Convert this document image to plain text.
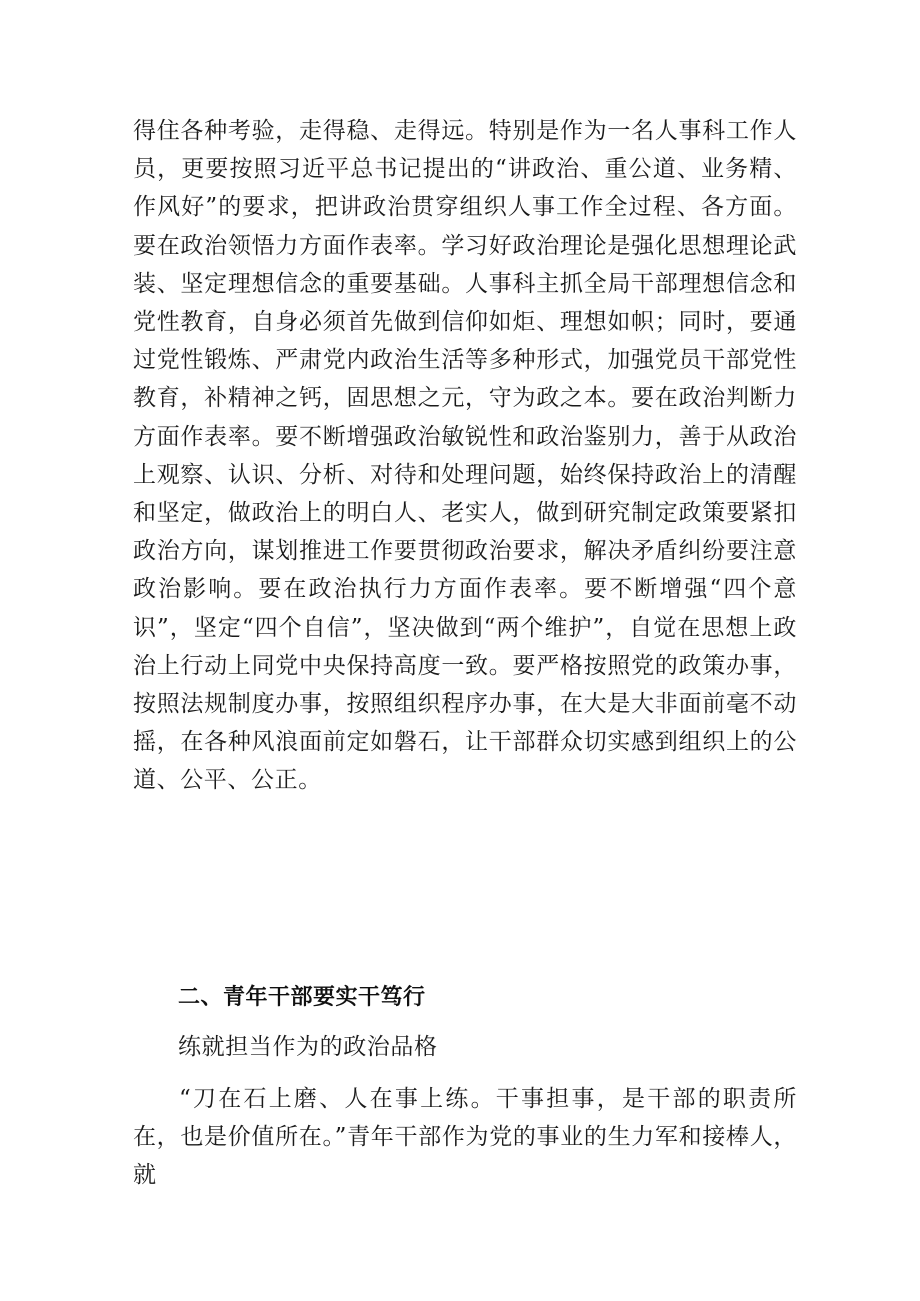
得住各种考验，走得稳、走得远。特别是作为一名人事科工作人员，更要按照习近平总书记提出的“讲政治、重公道、业务精、作风好”的要求，把讲政治贯穿组织人事工作全过程、各方面。要在政治领悟力方面作表率。学习好政治理论是强化思想理论武装、坚定理想信念的重要基础。人事科主抓全局干部理想信念和党性教育，自身必须首先做到信仰如炬、理想如帜；同时，要通过党性锻炼、严肃党内政治生活等多种形式，加强党员干部党性教育，补精神之钙，固思想之元，守为政之本。要在政治判断力方面作表率。要不断增强政治敏锐性和政治鉴别力，善于从政治上观察、认识、分析、对待和处理问题，始终保持政治上的清醒和坚定，做政治上的明白人、老实人，做到研究制定政策要紧扣政治方向，谋划推进工作要贯彻政治要求，解决矛盾纠纷要注意政治影响。要在政治执行力方面作表率。要不断增强“四个意识”，坚定“四个自信”，坚决做到“两个维护”，自觉在思想上政治上行动上同党中央保持高度一致。要严格按照党的政策办事，按照法规制度办事，按照组织程序办事，在大是大非面前毫不动摇，在各种风浪面前定如磐石，让干部群众切实感到组织上的公道、公平、公正。

二、青年干部要实干笃行

练就担当作为的政治品格

“刀在石上磨、人在事上练。干事担事，是干部的职责所在，也是价值所在。”青年干部作为党的事业的生力军和接棒人，就
